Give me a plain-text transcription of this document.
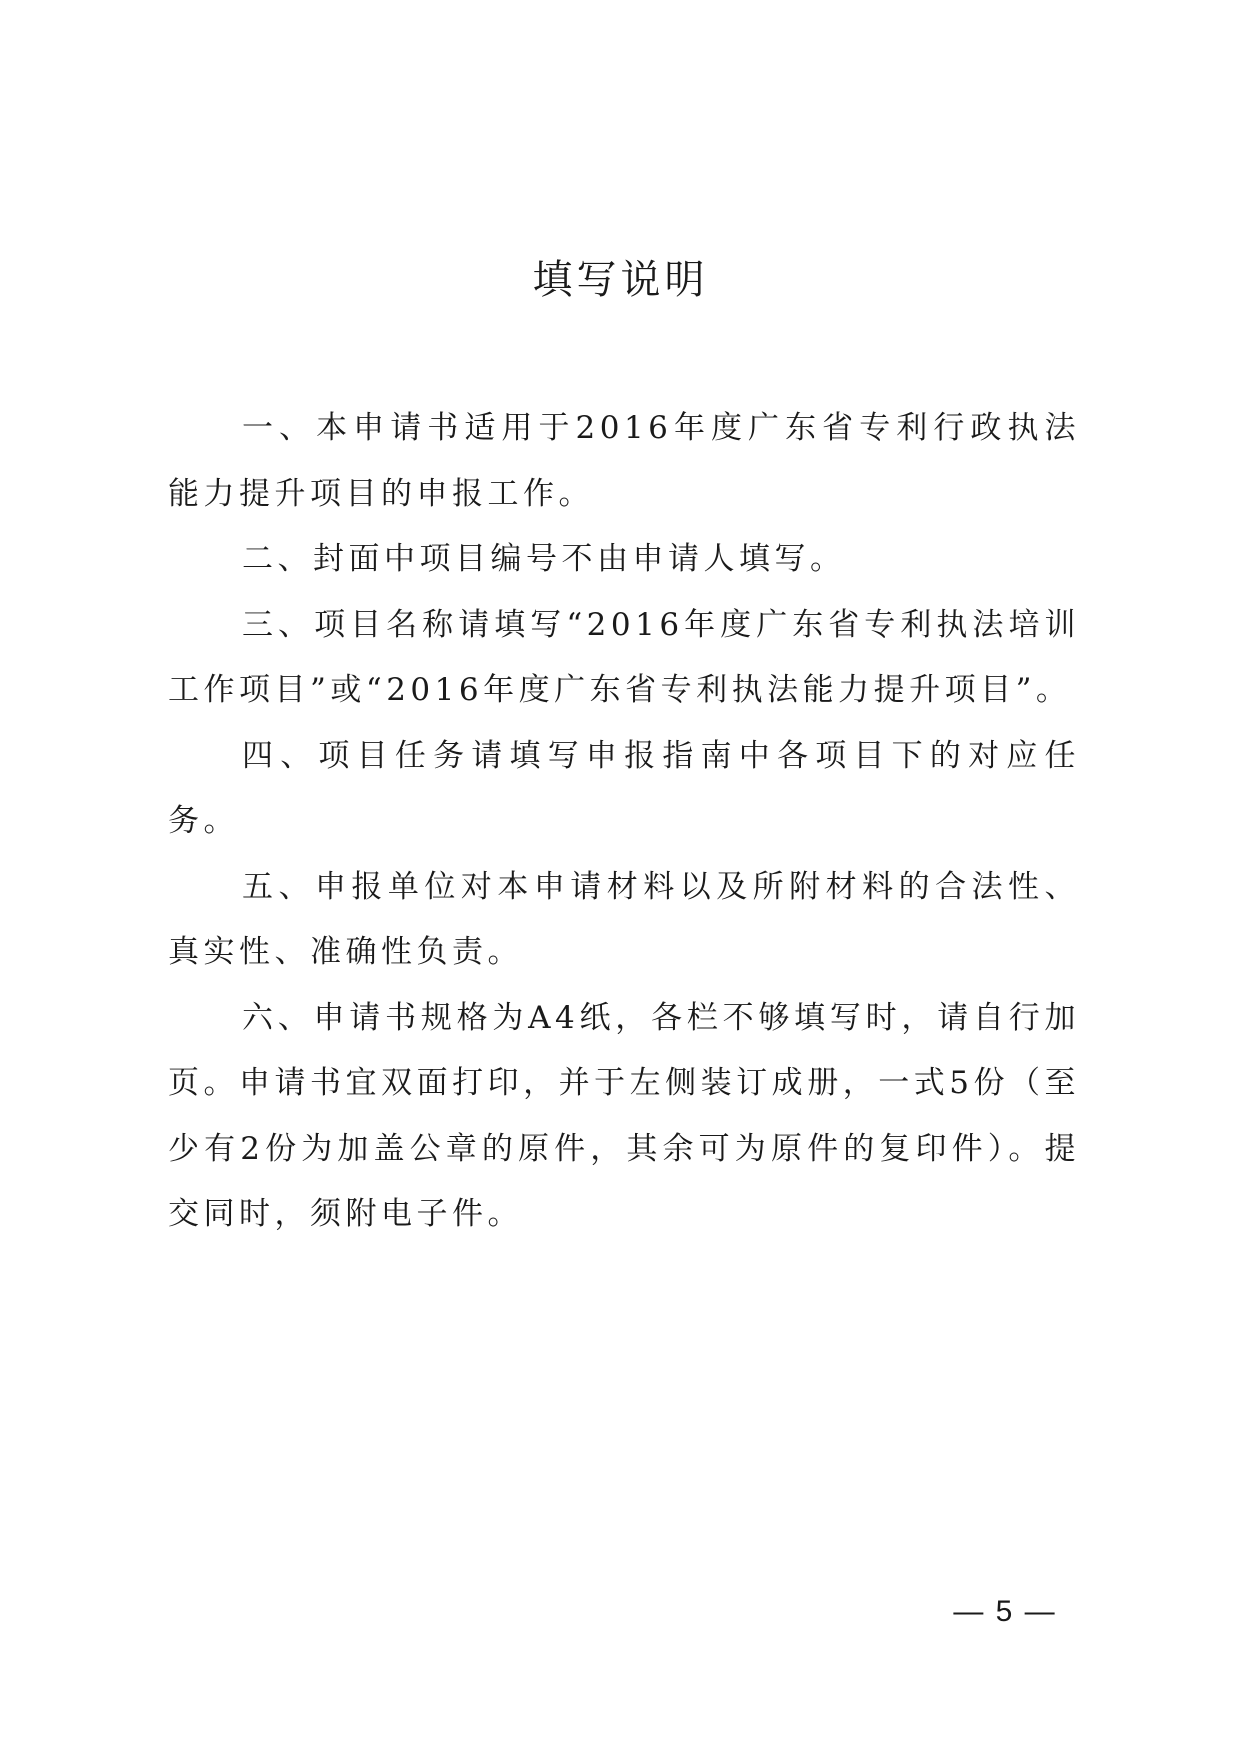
填写说明

一、本申请书适用于2016年度广东省专利行政执法能力提升项目的申报工作。

二、封面中项目编号不由申请人填写。

三、项目名称请填写“2016年度广东省专利执法培训工作项目”或“2016年度广东省专利执法能力提升项目”。

四、项目任务请填写申报指南中各项目下的对应任务。

五、申报单位对本申请材料以及所附材料的合法性、真实性、准确性负责。

六、申请书规格为A4纸，各栏不够填写时，请自行加页。申请书宜双面打印，并于左侧装订成册，一式5份（至少有2份为加盖公章的原件，其余可为原件的复印件）。提交同时，须附电子件。

— 5 —
